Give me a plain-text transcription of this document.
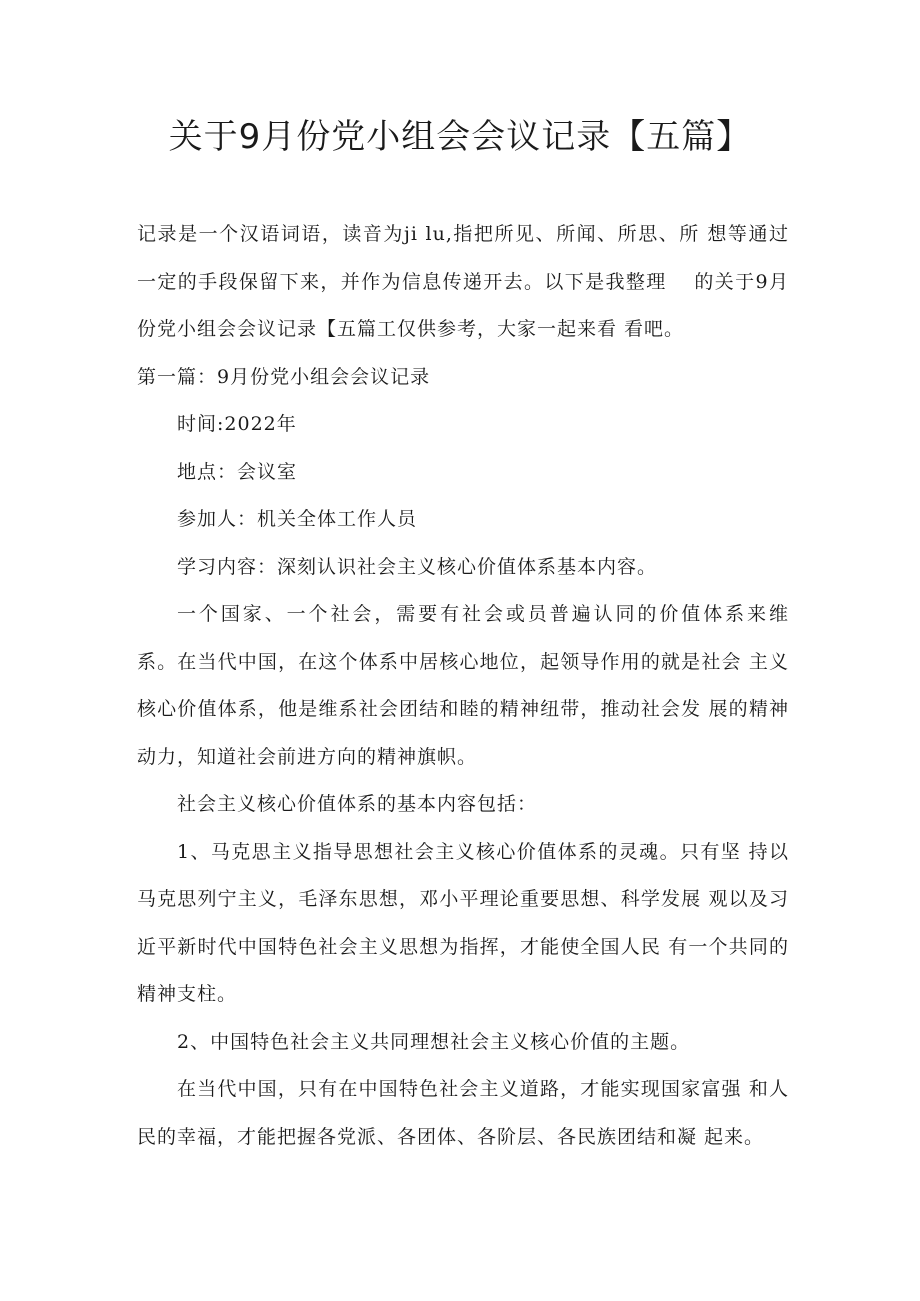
关于9月份党小组会会议记录【五篇】

记录是一个汉语词语，读音为ji lu,指把所见、所闻、所思、所 想等通过一定的手段保留下来，并作为信息传递开去。以下是我整理　 的关于9月份党小组会会议记录【五篇工仅供参考，大家一起来看 看吧。

第一篇：9月份党小组会会议记录

时间:2022年

地点：会议室

参加人：机关全体工作人员

学习内容：深刻认识社会主义核心价值体系基本内容。

一个国家、一个社会，需要有社会或员普遍认同的价值体系来维　 系。在当代中国，在这个体系中居核心地位，起领导作用的就是社会 主义核心价值体系，他是维系社会团结和睦的精神纽带，推动社会发 展的精神动力，知道社会前进方向的精神旗帜。

社会主义核心价值体系的基本内容包括：

1、马克思主义指导思想社会主义核心价值体系的灵魂。只有坚 持以马克思列宁主义，毛泽东思想，邓小平理论重要思想、科学发展 观以及习近平新时代中国特色社会主义思想为指挥，才能使全国人民 有一个共同的精神支柱。

2、中国特色社会主义共同理想社会主义核心价值的主题。

在当代中国，只有在中国特色社会主义道路，才能实现国家富强 和人民的幸福，才能把握各党派、各团体、各阶层、各民族团结和凝 起来。
